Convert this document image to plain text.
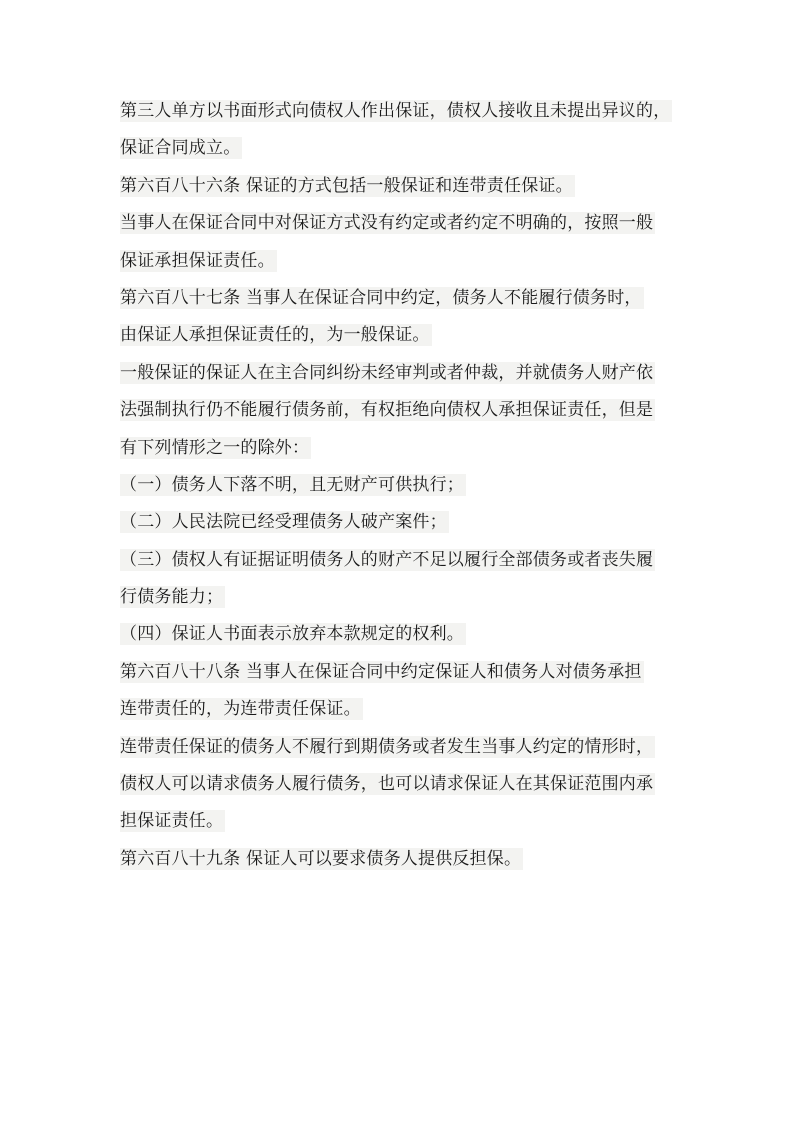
第三人单方以书面形式向债权人作出保证，债权人接收且未提出异议的，
保证合同成立。
第六百八十六条 保证的方式包括一般保证和连带责任保证。
当事人在保证合同中对保证方式没有约定或者约定不明确的，按照一般
保证承担保证责任。
第六百八十七条 当事人在保证合同中约定，债务人不能履行债务时，
由保证人承担保证责任的，为一般保证。
一般保证的保证人在主合同纠纷未经审判或者仲裁，并就债务人财产依
法强制执行仍不能履行债务前，有权拒绝向债权人承担保证责任，但是
有下列情形之一的除外：
（一）债务人下落不明，且无财产可供执行；
（二）人民法院已经受理债务人破产案件；
（三）债权人有证据证明债务人的财产不足以履行全部债务或者丧失履
行债务能力；
（四）保证人书面表示放弃本款规定的权利。
第六百八十八条 当事人在保证合同中约定保证人和债务人对债务承担
连带责任的，为连带责任保证。
连带责任保证的债务人不履行到期债务或者发生当事人约定的情形时，
债权人可以请求债务人履行债务，也可以请求保证人在其保证范围内承
担保证责任。
第六百八十九条 保证人可以要求债务人提供反担保。
